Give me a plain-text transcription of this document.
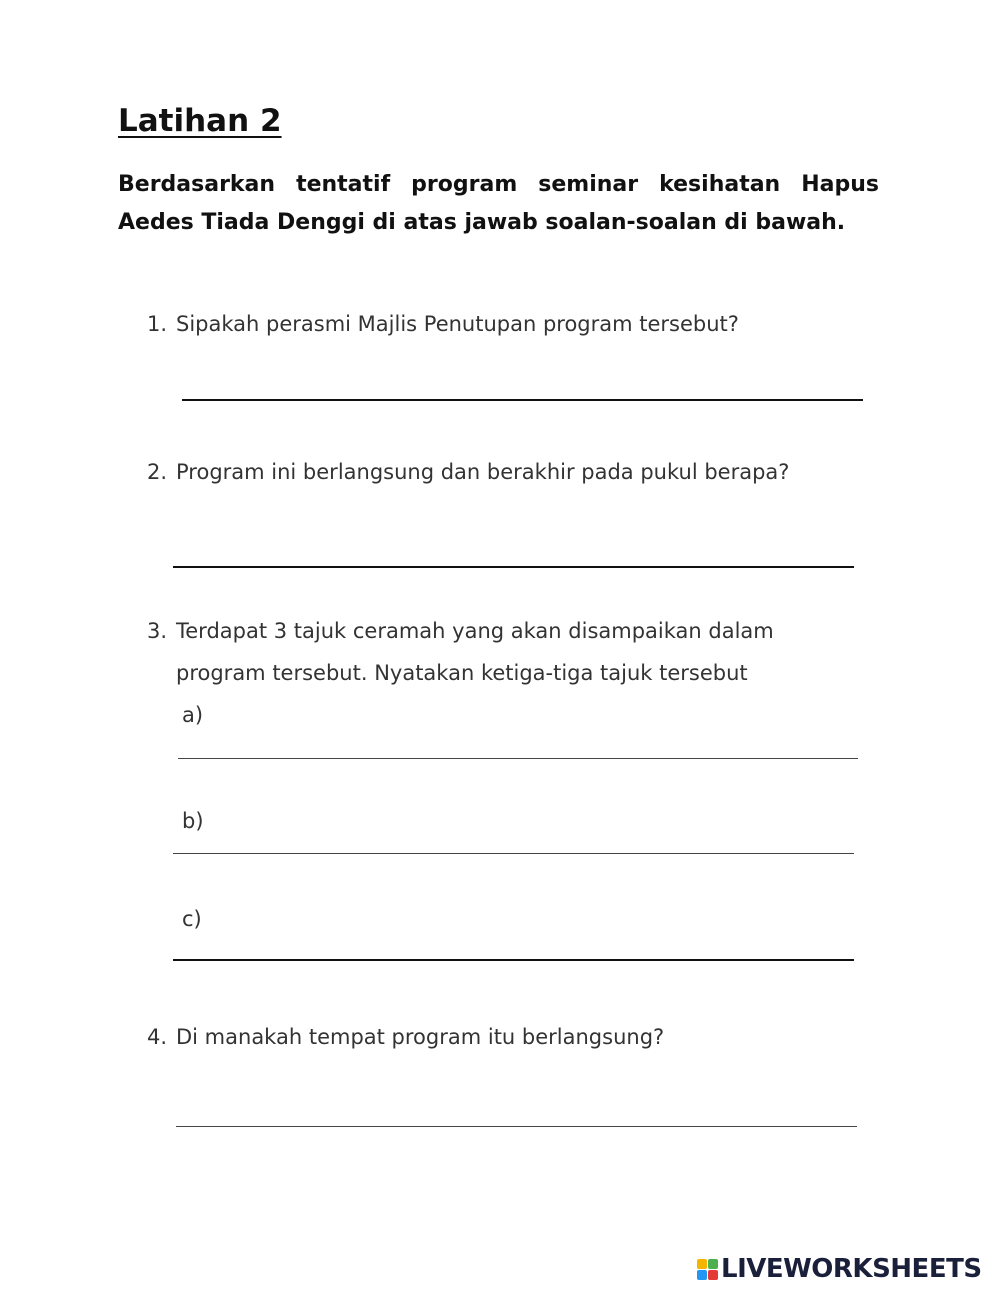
Latihan 2
Berdasarkan tentatif program seminar kesihatan Hapus Aedes Tiada Denggi di atas jawab soalan-soalan di bawah.
1. Sipakah perasmi Majlis Penutupan program tersebut?
2. Program ini berlangsung dan berakhir pada pukul berapa?
3. Terdapat 3 tajuk ceramah yang akan disampaikan dalam
program tersebut. Nyatakan ketiga-tiga tajuk tersebut
a)
b)
c)
4. Di manakah tempat program itu berlangsung?
LIVEWORKSHEETS
